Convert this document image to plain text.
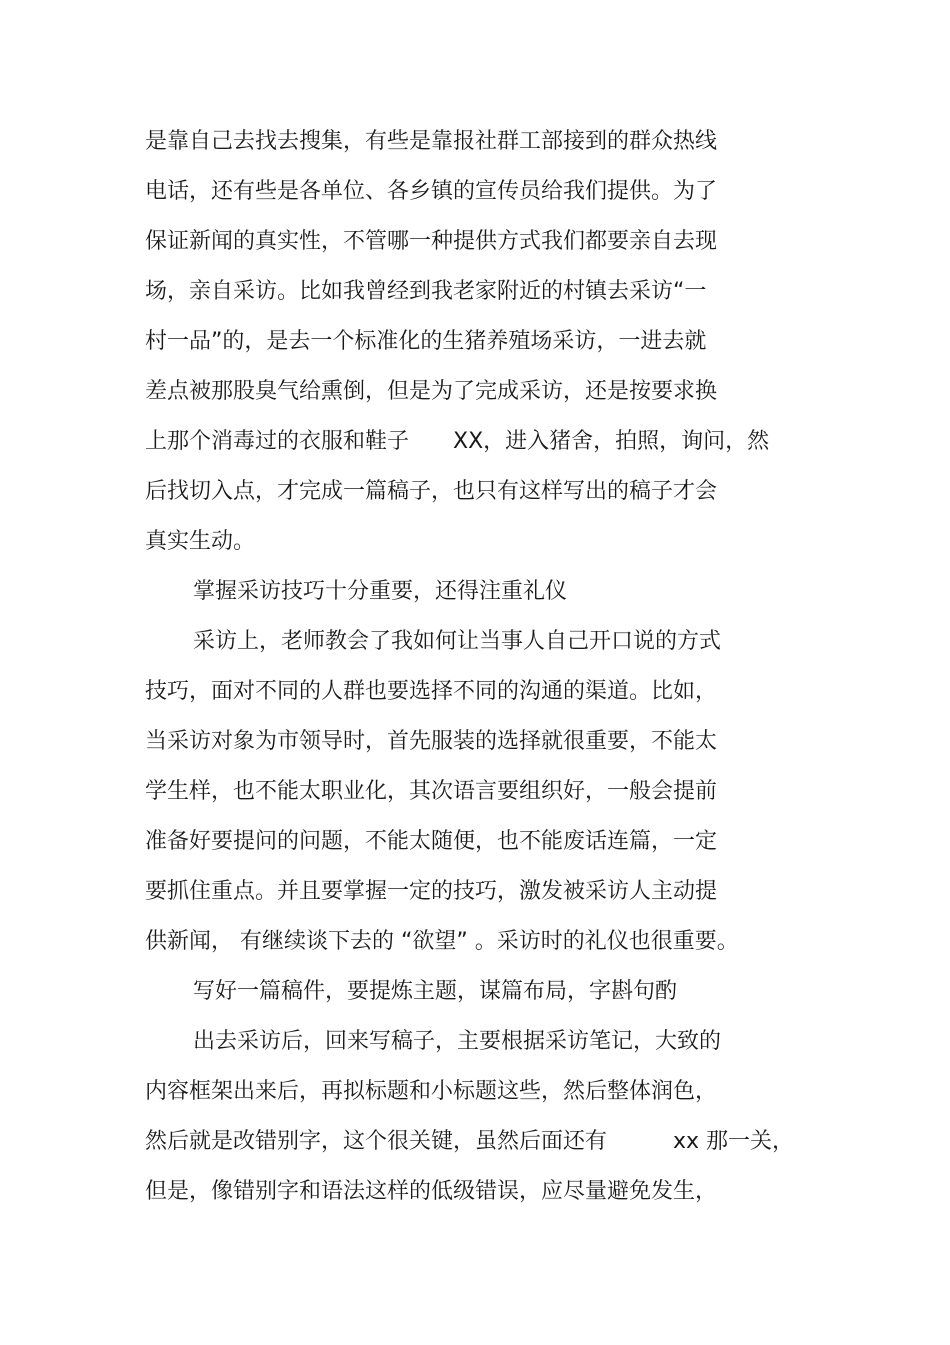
是靠自己去找去搜集，有些是靠报社群工部接到的群众热线

电话，还有些是各单位、各乡镇的宣传员给我们提供。为了

保证新闻的真实性，不管哪一种提供方式我们都要亲自去现

场，亲自采访。比如我曾经到我老家附近的村镇去采访“一

村一品”的，是去一个标准化的生猪养殖场采访，一进去就

差点被那股臭气给熏倒，但是为了完成采访，还是按要求换

上那个消毒过的衣服和鞋子　　XX，进入猪舍，拍照，询问，然

后找切入点，才完成一篇稿子，也只有这样写出的稿子才会

真实生动。

掌握采访技巧十分重要，还得注重礼仪

采访上，老师教会了我如何让当事人自己开口说的方式

技巧，面对不同的人群也要选择不同的沟通的渠道。比如，

当采访对象为市领导时，首先服装的选择就很重要，不能太

学生样，也不能太职业化，其次语言要组织好，一般会提前

准备好要提问的问题，不能太随便，也不能废话连篇，一定

要抓住重点。并且要掌握一定的技巧，激发被采访人主动提

供新闻， 有继续谈下去的 “欲望” 。采访时的礼仪也很重要。

写好一篇稿件，要提炼主题，谋篇布局，字斟句酌

出去采访后，回来写稿子，主要根据采访笔记，大致的

内容框架出来后，再拟标题和小标题这些，然后整体润色，

然后就是改错别字，这个很关键，虽然后面还有　　　xx 那一关，

但是，像错别字和语法这样的低级错误，应尽量避免发生，
